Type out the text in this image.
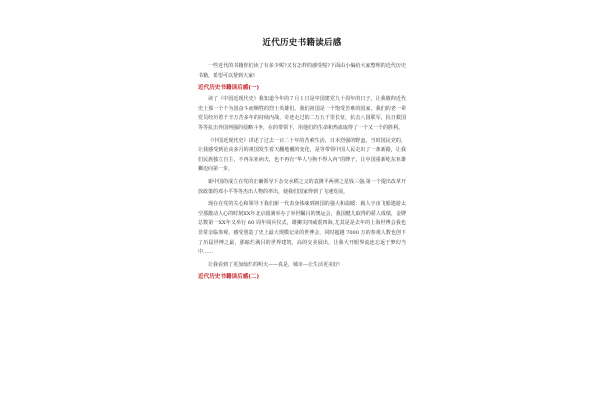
近代历史书籍读后感

一些近代的书籍你们读了有多少呢?又有怎样的感受呢?下面由小编给大家整理的近代历史书籍，希望可以帮到大家!

近代历史书籍读后感(一)

读了《中国近现代史》我知道今年的７月１日是中国建党九十周年的日子，让我敬仰近代史上那一个个为国奋斗而牺牲的烈士英雄们。我们祖国是一个饱受苦难的国家，我们的老一辈党员经历着千辛万苦多年的持续内战，奇迹走过的二万五千里长征，抗击八国联军，抗日救国等等抗击外国列强的侵略斗争，在的带领下，用他们的生命和热血取得了一个又一个的胜利。

《中国近现代史》讲述了过去一百二十年的苦难生活，日本烈强的野蛮，当时国民党的，让我感受到沦丧多月的祖国发生着天翻地覆的变化，是等带领中国人民走出了一条新路，让我们民族独立自主，不再东亚病夫，也不再有“华人与狗不得入内”的牌子，让中国重新屹东亚雄狮迈向第一步。

新中国的成立在党的正确领导下杂交水稻之父的袁隆平两弹之星钱三强;第一个提出改革开放政策的邓小平等等杰出人物的率出，使我们国家得到了飞速发展。

现在在党的关心和领导下我们新一代表身体味到祖国的强大和温暖：载人宇宙飞船遨游太空那激动人心的时刻XX年北京圆满举办了举世瞩目的奥运会，我国健儿取得的骄人成绩，金牌总数第一XX年又举行 60 周年阅兵仪式，雄狮尖四威震四海,尤其是是去年的上海世博会我也非常亲临参观，感受创造了史上最大规模记录的世博会，同时超越 7000 万的参观人数也创下了历届世博之最，那眩烂满目的世界建筑，高的交美展出，让我大开眼界流连忘返于梦幻当中……

让我看到了更加灿烂的明天——真是，城市—让生活更美好!

近代历史书籍读后感(二)
